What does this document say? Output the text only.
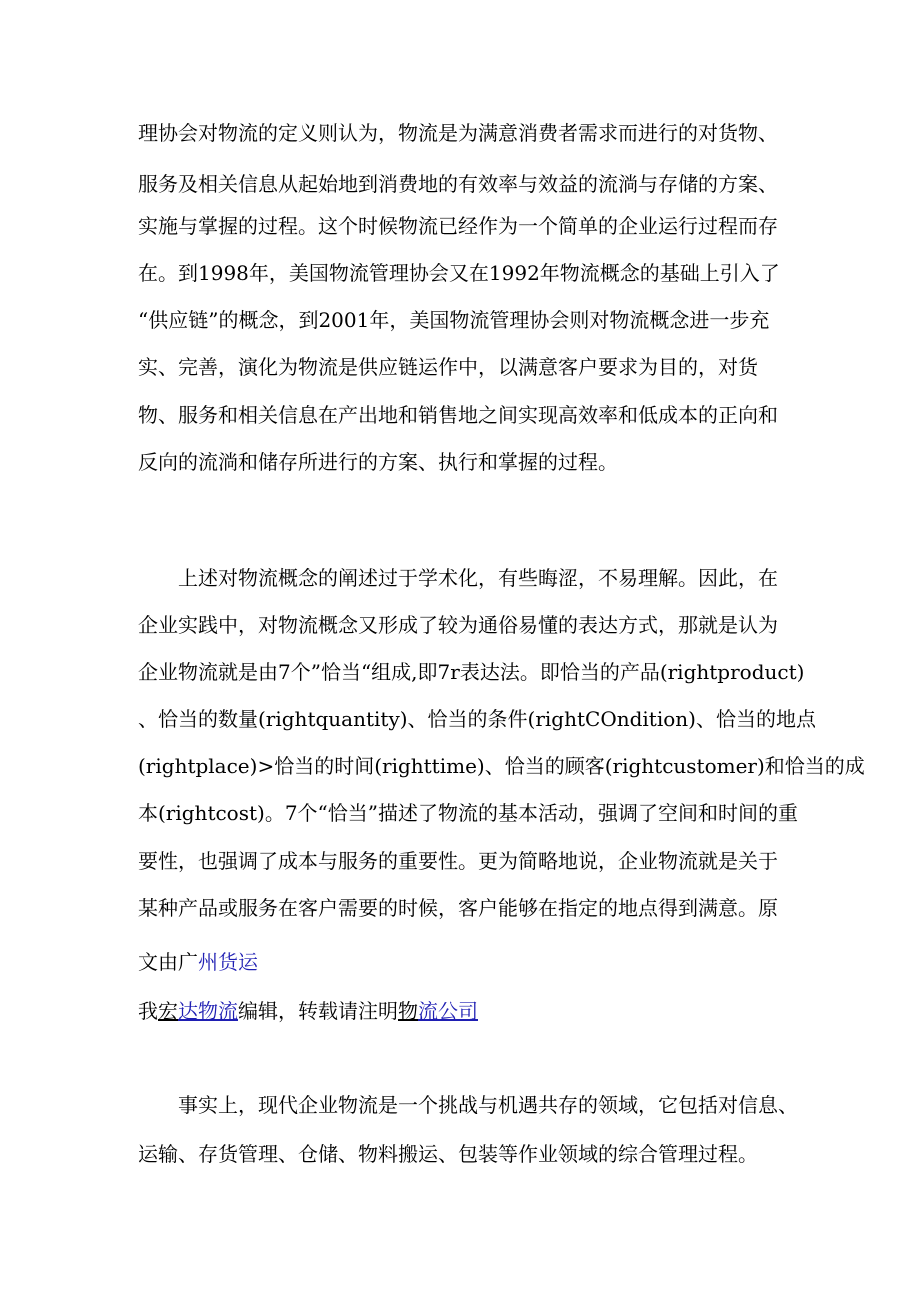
理协会对物流的定义则认为，物流是为满意消费者需求而进行的对货物、
服务及相关信息从起始地到消费地的有效率与效益的流淌与存储的方案、
实施与掌握的过程。这个时候物流已经作为一个简单的企业运行过程而存
在。到1998年，美国物流管理协会又在1992年物流概念的基础上引入了
“供应链”的概念，到2001年，美国物流管理协会则对物流概念进一步充
实、完善，演化为物流是供应链运作中，以满意客户要求为目的，对货
物、服务和相关信息在产出地和销售地之间实现高效率和低成本的正向和
反向的流淌和储存所进行的方案、执行和掌握的过程。
上述对物流概念的阐述过于学术化，有些晦涩，不易理解。因此，在
企业实践中，对物流概念又形成了较为通俗易懂的表达方式，那就是认为
企业物流就是由7个”恰当“组成,即7r表达法。即恰当的产品(rightproduct)
、恰当的数量(rightquantity)、恰当的条件(rightCOndition)、恰当的地点
(rightplace)>恰当的时间(righttime)、恰当的顾客(rightcustomer)和恰当的成
本(rightcost)。7个“恰当”描述了物流的基本活动，强调了空间和时间的重
要性，也强调了成本与服务的重要性。更为简略地说，企业物流就是关于
某种产品或服务在客户需要的时候，客户能够在指定的地点得到满意。原
文由广州货运
我宏达物流编辑，转载请注明物流公司
事实上，现代企业物流是一个挑战与机遇共存的领域，它包括对信息、
运输、存货管理、仓储、物料搬运、包装等作业领域的综合管理过程。
